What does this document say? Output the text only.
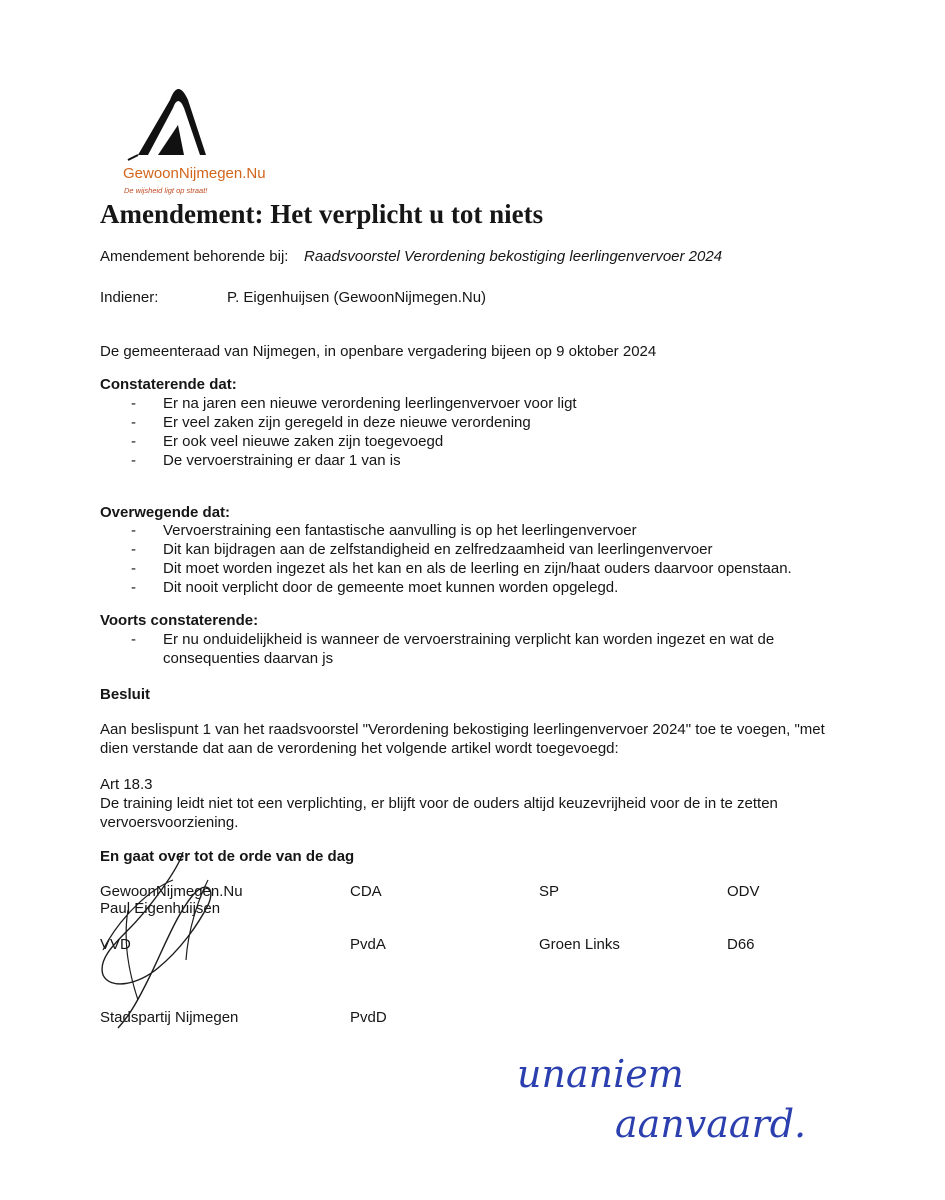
GewoonNijmegen.Nu
De wijsheid ligt op straat!
Amendement: Het verplicht u tot niets
Amendement behorende bij: Raadsvoorstel Verordening bekostiging leerlingenvervoer 2024
Indiener:	P. Eigenhuijsen (GewoonNijmegen.Nu)
De gemeenteraad van Nijmegen, in openbare vergadering bijeen op 9 oktober 2024
Constaterende dat:
- Er na jaren een nieuwe verordening leerlingenvervoer voor ligt
- Er veel zaken zijn geregeld in deze nieuwe verordening
- Er ook veel nieuwe zaken zijn toegevoegd
- De vervoerstraining er daar 1 van is
Overwegende dat:
- Vervoerstraining een fantastische aanvulling is op het leerlingenvervoer
- Dit kan bijdragen aan de zelfstandigheid en zelfredzaamheid van leerlingenvervoer
- Dit moet worden ingezet als het kan en als de leerling en zijn/haat ouders daarvoor openstaan.
- Dit nooit verplicht door de gemeente moet kunnen worden opgelegd.
Voorts constaterende:
- Er nu onduidelijkheid is wanneer de vervoerstraining verplicht kan worden ingezet en wat de
consequenties daarvan js
Besluit
Aan beslispunt 1 van het raadsvoorstel "Verordening bekostiging leerlingenvervoer 2024" toe te voegen, "met
dien verstande dat aan de verordening het volgende artikel wordt toegevoegd:
Art 18.3
De training leidt niet tot een verplichting, er blijft voor de ouders altijd keuzevrijheid voor de in te zetten
vervoersvoorziening.
En gaat over tot de orde van de dag
GewoonNijmegen.Nu	CDA	SP	ODV
Paul Eigenhuijsen
VVD	PvdA	Groen Links	D66
Stadspartij Nijmegen	PvdD
unaniem
aanvaard.
